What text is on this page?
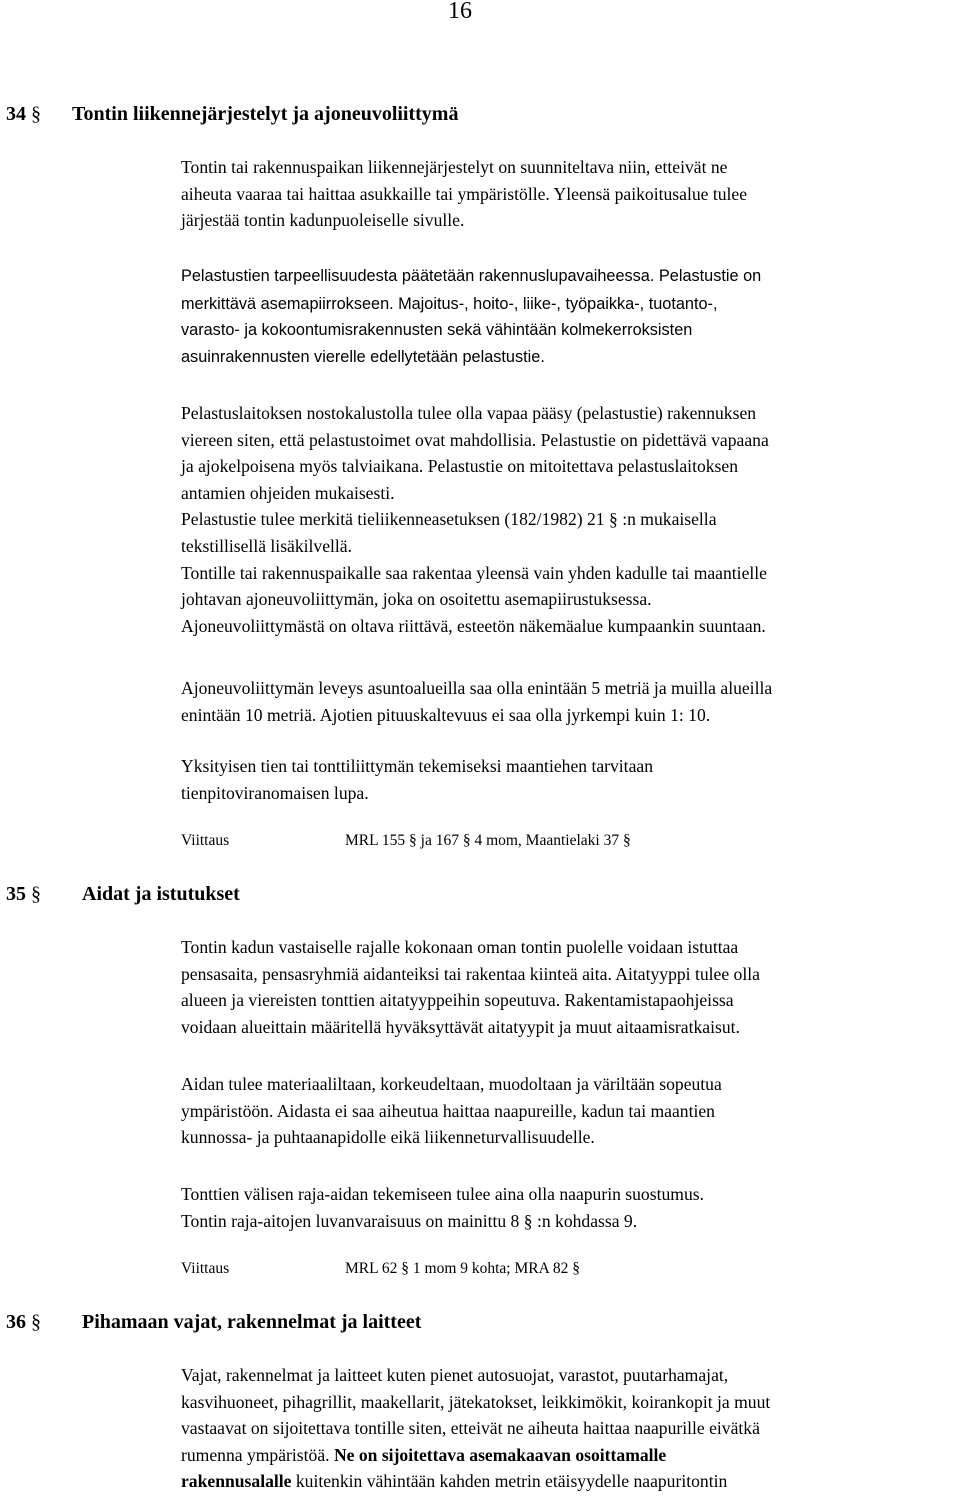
16
34 § Tontin liikennejärjestelyt ja ajoneuvoliittymä
Tontin tai rakennuspaikan liikennejärjestelyt on suunniteltava niin, etteivät ne
aiheuta vaaraa tai haittaa asukkaille tai ympäristölle. Yleensä paikoitusalue tulee
järjestää tontin kadunpuoleiselle sivulle.
Pelastustien tarpeellisuudesta päätetään rakennuslupavaiheessa. Pelastustie on
merkittävä asemapiirrokseen. Majoitus-, hoito-, liike-, työpaikka-, tuotanto-,
varasto- ja kokoontumisrakennusten sekä vähintään kolmekerroksisten
asuinrakennusten vierelle edellytetään pelastustie.
Pelastuslaitoksen nostokalustolla tulee olla vapaa pääsy (pelastustie) rakennuksen
viereen siten, että pelastustoimet ovat mahdollisia. Pelastustie on pidettävä vapaana
ja ajokelpoisena myös talviaikana. Pelastustie on mitoitettava pelastuslaitoksen
antamien ohjeiden mukaisesti.
Pelastustie tulee merkitä tieliikenneasetuksen (182/1982) 21 § :n mukaisella
tekstillisellä lisäkilvellä.
Tontille tai rakennuspaikalle saa rakentaa yleensä vain yhden kadulle tai maantielle
johtavan ajoneuvoliittymän, joka on osoitettu asemapiirustuksessa.
Ajoneuvoliittymästä on oltava riittävä, esteetön näkemäalue kumpaankin suuntaan.
Ajoneuvoliittymän leveys asuntoalueilla saa olla enintään 5 metriä ja muilla alueilla
enintään 10 metriä. Ajotien pituuskaltevuus ei saa olla jyrkempi kuin 1: 10.
Yksityisen tien tai tonttiliittymän tekemiseksi maantiehen tarvitaan
tienpitoviranomaisen lupa.
Viittaus	MRL 155 § ja 167 § 4 mom, Maantielaki 37 §
35 § Aidat ja istutukset
Tontin kadun vastaiselle rajalle kokonaan oman tontin puolelle voidaan istuttaa
pensasaita, pensasryhmiä aidanteiksi tai rakentaa kiinteä aita. Aitatyyppi tulee olla
alueen ja viereisten tonttien aitatyyppeihin sopeutuva. Rakentamistapaohjeissa
voidaan alueittain määritellä hyväksyttävät aitatyypit ja muut aitaamisratkaisut.
Aidan tulee materiaaliltaan, korkeudeltaan, muodoltaan ja väriltään sopeutua
ympäristöön. Aidasta ei saa aiheutua haittaa naapureille, kadun tai maantien
kunnossa- ja puhtaanapidolle eikä liikenneturvallisuudelle.
Tonttien välisen raja-aidan tekemiseen tulee aina olla naapurin suostumus.
Tontin raja-aitojen luvanvaraisuus on mainittu 8 § :n kohdassa 9.
Viittaus	MRL 62 § 1 mom 9 kohta; MRA 82 §
36 § Pihamaan vajat, rakennelmat ja laitteet
Vajat, rakennelmat ja laitteet kuten pienet autosuojat, varastot, puutarhamajat,
kasvihuoneet, pihagrillit, maakellarit, jätekatokset, leikkimökit, koirankopit ja muut
vastaavat on sijoitettava tontille siten, etteivät ne aiheuta haittaa naapurille eivätkä
rumenna ympäristöä. Ne on sijoitettava asemakaavan osoittamalle
rakennusalalle kuitenkin vähintään kahden metrin etäisyydelle naapuritontin
